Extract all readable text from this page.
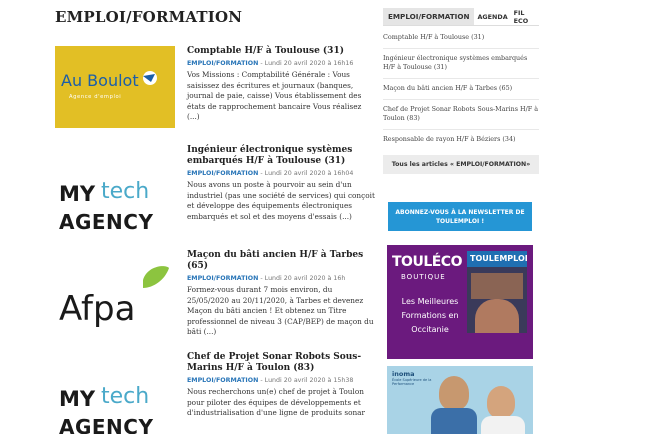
EMPLOI/FORMATION
Au Boulot
Agence d'emploi
Comptable H/F à Toulouse (31)
EMPLOI/FORMATION - Lundi 20 avril 2020 à 16h16
Vos Missions : Comptabilité Générale : Vous saisissez des écritures et journaux (banques, journal de paie, caisse) Vous établissement des états de rapprochement bancaire Vous réalisez (...)
MY tech
AGENCY
Ingénieur électronique systèmes embarqués H/F à Toulouse (31)
EMPLOI/FORMATION - Lundi 20 avril 2020 à 16h04
Nous avons un poste à pourvoir au sein d'un industriel (pas une société de services) qui conçoit et développe des équipements électroniques embarqués et sol et des moyens d'essais (...)
Afpa
Maçon du bâti ancien H/F à Tarbes (65)
EMPLOI/FORMATION - Lundi 20 avril 2020 à 16h
Formez-vous durant 7 mois environ, du 25/05/2020 au 20/11/2020, à Tarbes et devenez Maçon du bâti ancien ! Et obtenez un Titre professionnel de niveau 3 (CAP/BEP) de maçon du bâti (...)
MY tech
AGENCY
Chef de Projet Sonar Robots Sous-Marins H/F à Toulon (83)
EMPLOI/FORMATION - Lundi 20 avril 2020 à 15h38
Nous recherchons un(e) chef de projet à Toulon pour piloter des équipes de développements et d'industrialisation d'une ligne de produits sonar
EMPLOI/FORMATION	AGENDA FIL ECO
Comptable H/F à Toulouse (31)
Ingénieur électronique systèmes embarqués H/F à Toulouse (31)
Maçon du bâti ancien H/F à Tarbes (65)
Chef de Projet Sonar Robots Sous-Marins H/F à Toulon (83)
Responsable de rayon H/F à Béziers (34)
Tous les articles « EMPLOI/FORMATION»
ABONNEZ-VOUS À LA NEWSLETTER DE TOULEMPLOI !
TOULÉCO
BOUTIQUE
TOULEMPLOI
Les Meilleures Formations en Occitanie
inoma
École Supérieure de la Performance
